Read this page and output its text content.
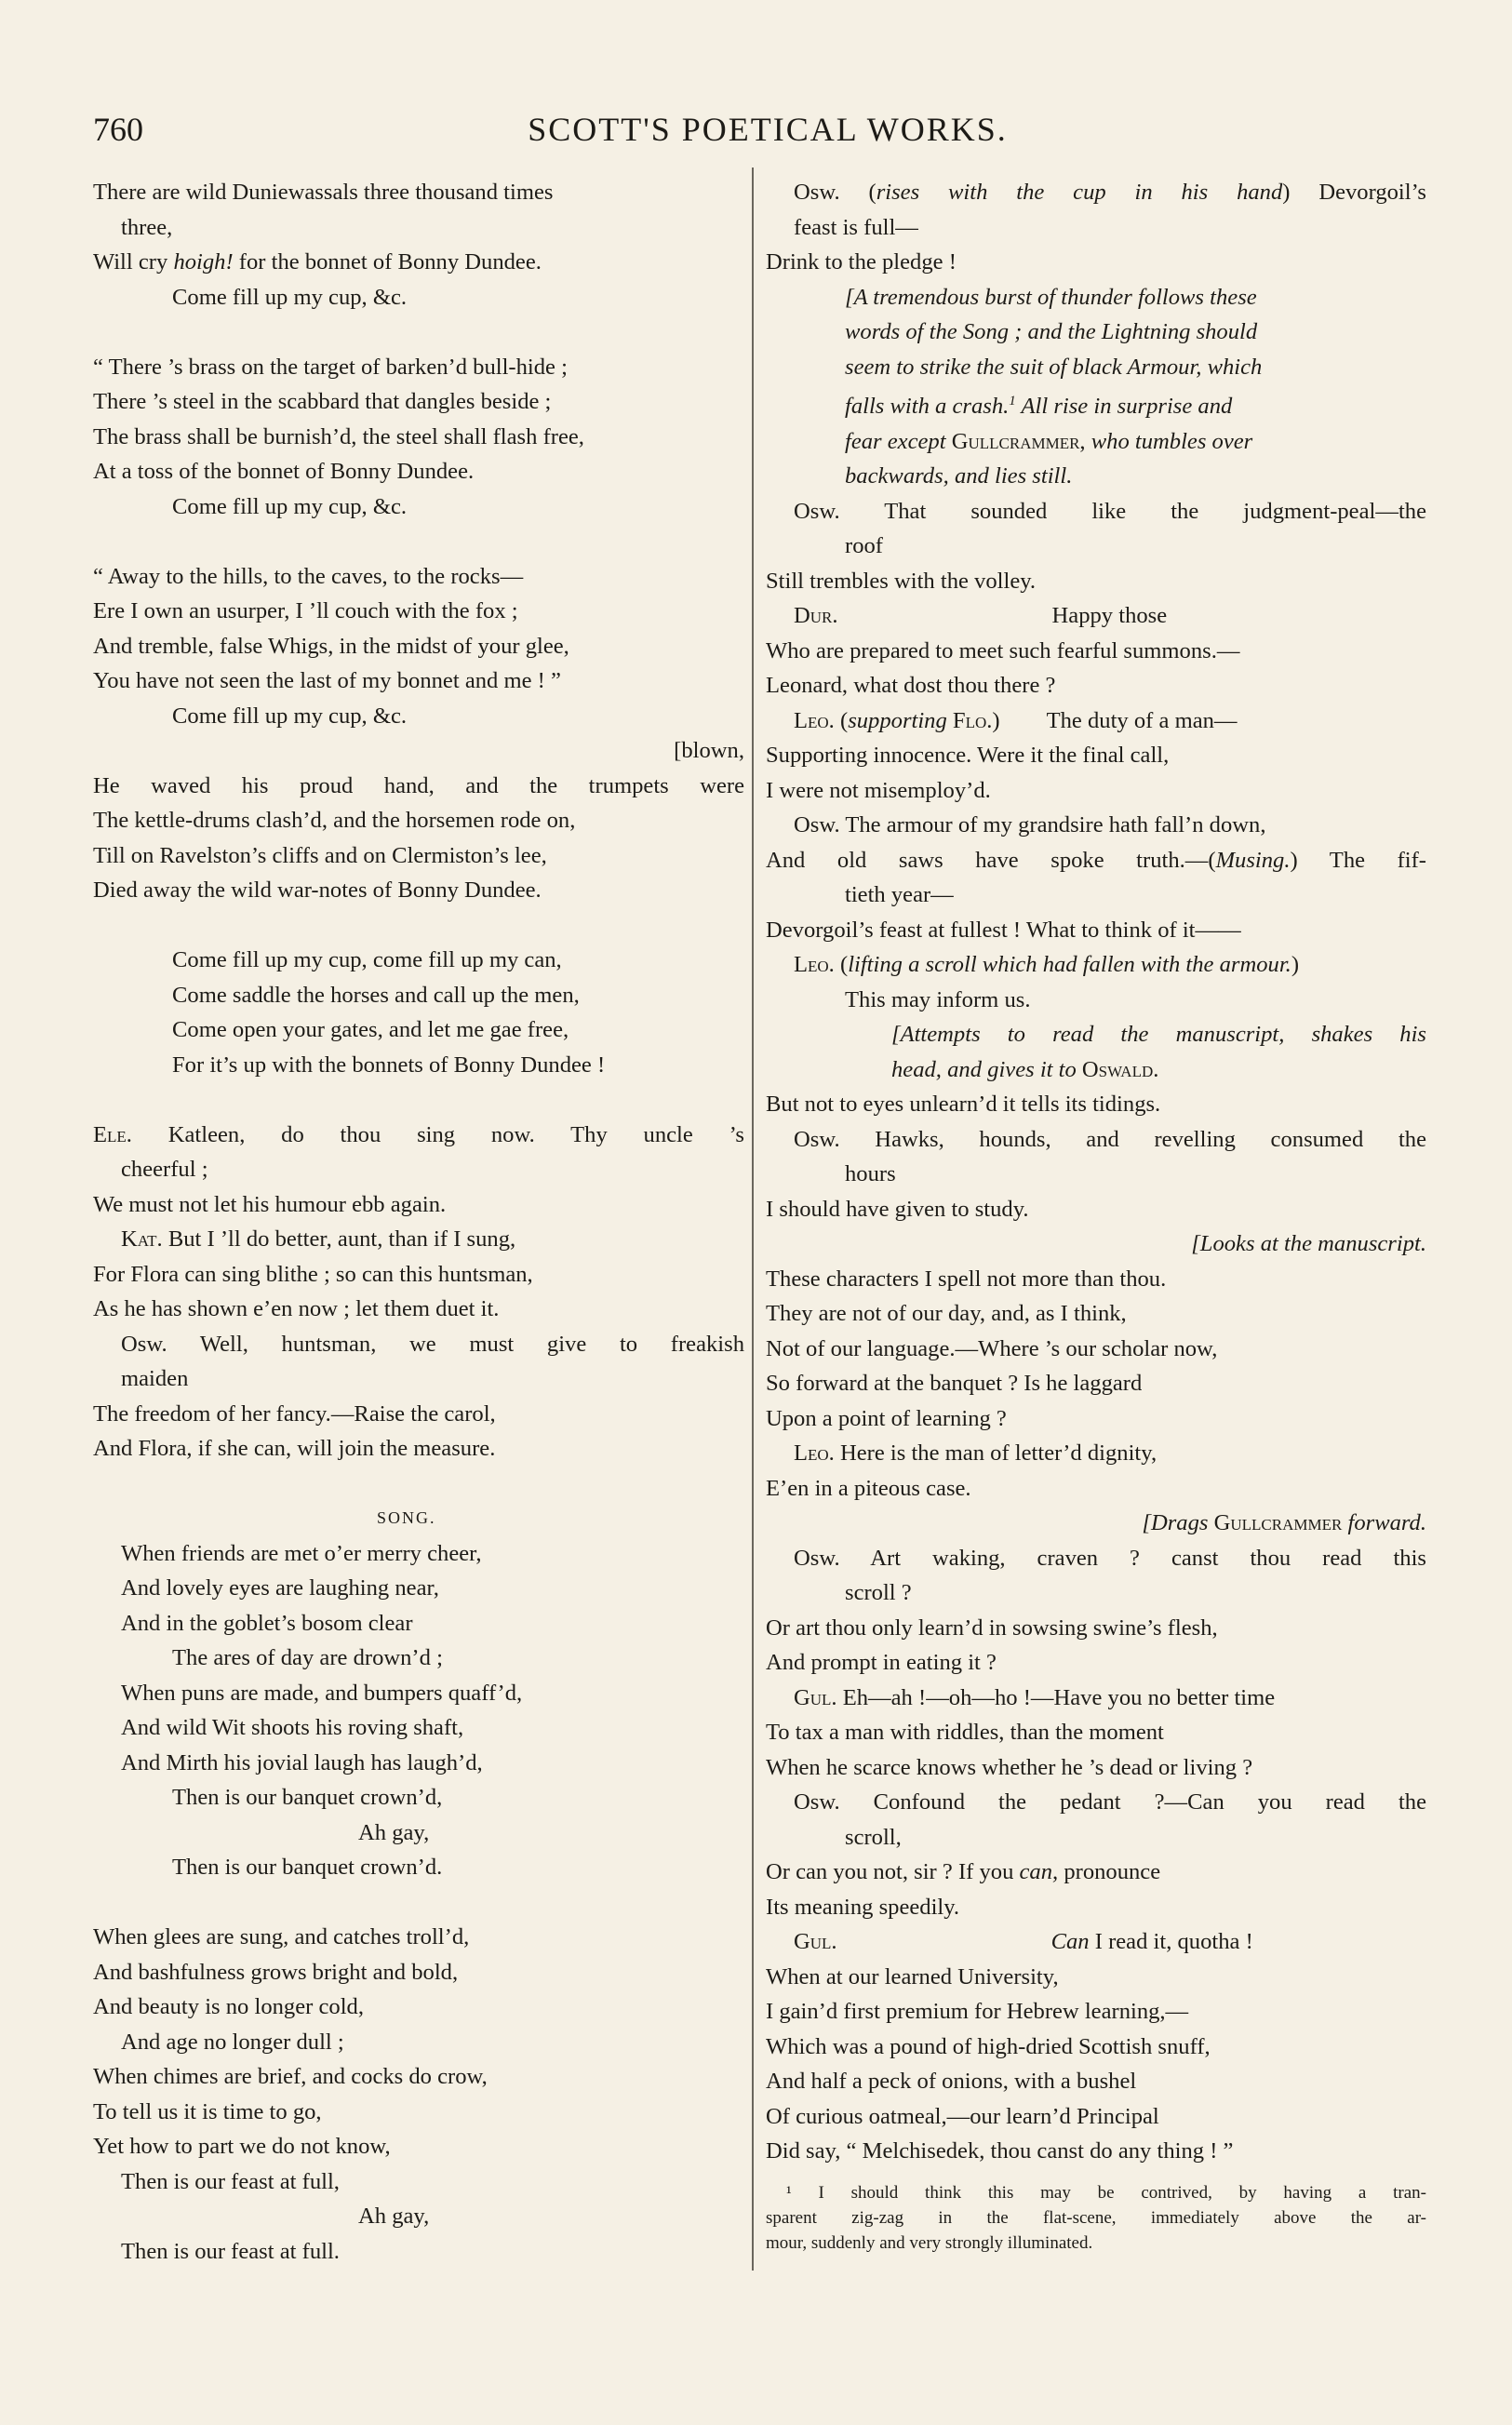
760	SCOTT'S POETICAL WORKS.
There are wild Duniewassals three thousand times
three,
Will cry hoigh! for the bonnet of Bonny Dundee.
Come fill up my cup, &c.
“ There ’s brass on the target of barken’d bull-hide ;
There ’s steel in the scabbard that dangles beside ;
The brass shall be burnish’d, the steel shall flash free,
At a toss of the bonnet of Bonny Dundee.
Come fill up my cup, &c.
“ Away to the hills, to the caves, to the rocks—
Ere I own an usurper, I ’ll couch with the fox ;
And tremble, false Whigs, in the midst of your glee,
You have not seen the last of my bonnet and me ! ”
Come fill up my cup, &c.
[blown,
He waved his proud hand, and the trumpets were
The kettle-drums clash’d, and the horsemen rode on,
Till on Ravelston’s cliffs and on Clermiston’s lee,
Died away the wild war-notes of Bonny Dundee.
Come fill up my cup, come fill up my can,
Come saddle the horses and call up the men,
Come open your gates, and let me gae free,
For it’s up with the bonnets of Bonny Dundee !
Ele. Katleen, do thou sing now. Thy uncle ’s
cheerful ;
We must not let his humour ebb again.
Kat. But I ’ll do better, aunt, than if I sung,
For Flora can sing blithe ; so can this huntsman,
As he has shown e’en now ; let them duet it.
Osw. Well, huntsman, we must give to freakish
maiden
The freedom of her fancy.—Raise the carol,
And Flora, if she can, will join the measure.
SONG.
When friends are met o’er merry cheer,
And lovely eyes are laughing near,
And in the goblet’s bosom clear
The ares of day are drown’d ;
When puns are made, and bumpers quaff’d,
And wild Wit shoots his roving shaft,
And Mirth his jovial laugh has laugh’d,
Then is our banquet crown’d,
Ah gay,
Then is our banquet crown’d.
When glees are sung, and catches troll’d,
And bashfulness grows bright and bold,
And beauty is no longer cold,
And age no longer dull ;
When chimes are brief, and cocks do crow,
To tell us it is time to go,
Yet how to part we do not know,
Then is our feast at full,
Ah gay,
Then is our feast at full.
Osw. (rises with the cup in his hand) Devorgoil’s
feast is full—
Drink to the pledge !
[A tremendous burst of thunder follows these
words of the Song ; and the Lightning should
seem to strike the suit of black Armour, which
falls with a crash.$^1$ All rise in surprise and
fear except Gullcrammer, who tumbles over
backwards, and lies still.
Osw. That sounded like the judgment-peal—the
roof
Still trembles with the volley.
Dur.	Happy those
Who are prepared to meet such fearful summons.—
Leonard, what dost thou there ?
Leo. (supporting Flo.) The duty of a man—
Supporting innocence. Were it the final call,
I were not misemploy’d.
Osw. The armour of my grandsire hath fall’n down,
And old saws have spoke truth.—(Musing.) The fif-
tieth year—
Devorgoil’s feast at fullest ! What to think of it——
Leo. (lifting a scroll which had fallen with the armour.)
This may inform us.
[Attempts to read the manuscript, shakes his
head, and gives it to Oswald.
But not to eyes unlearn’d it tells its tidings.
Osw. Hawks, hounds, and revelling consumed the
hours
I should have given to study.
[Looks at the manuscript.
These characters I spell not more than thou.
They are not of our day, and, as I think,
Not of our language.—Where ’s our scholar now,
So forward at the banquet ? Is he laggard
Upon a point of learning ?
Leo. Here is the man of letter’d dignity,
E’en in a piteous case.
[Drags Gullcrammer forward.
Osw. Art waking, craven ? canst thou read this
scroll ?
Or art thou only learn’d in sowsing swine’s flesh,
And prompt in eating it ?
Gul. Eh—ah !—oh—ho !—Have you no better time
To tax a man with riddles, than the moment
When he scarce knows whether he ’s dead or living ?
Osw. Confound the pedant ?—Can you read the
scroll,
Or can you not, sir ? If you can, pronounce
Its meaning speedily.
Gul.	Can I read it, quotha !
When at our learned University,
I gain’d first premium for Hebrew learning,—
Which was a pound of high-dried Scottish snuff,
And half a peck of onions, with a bushel
Of curious oatmeal,—our learn’d Principal
Did say, “ Melchisedek, thou canst do any thing ! ”
¹ I should think this may be contrived, by having a tran-
sparent zig-zag in the flat-scene, immediately above the ar-
mour, suddenly and very strongly illuminated.
